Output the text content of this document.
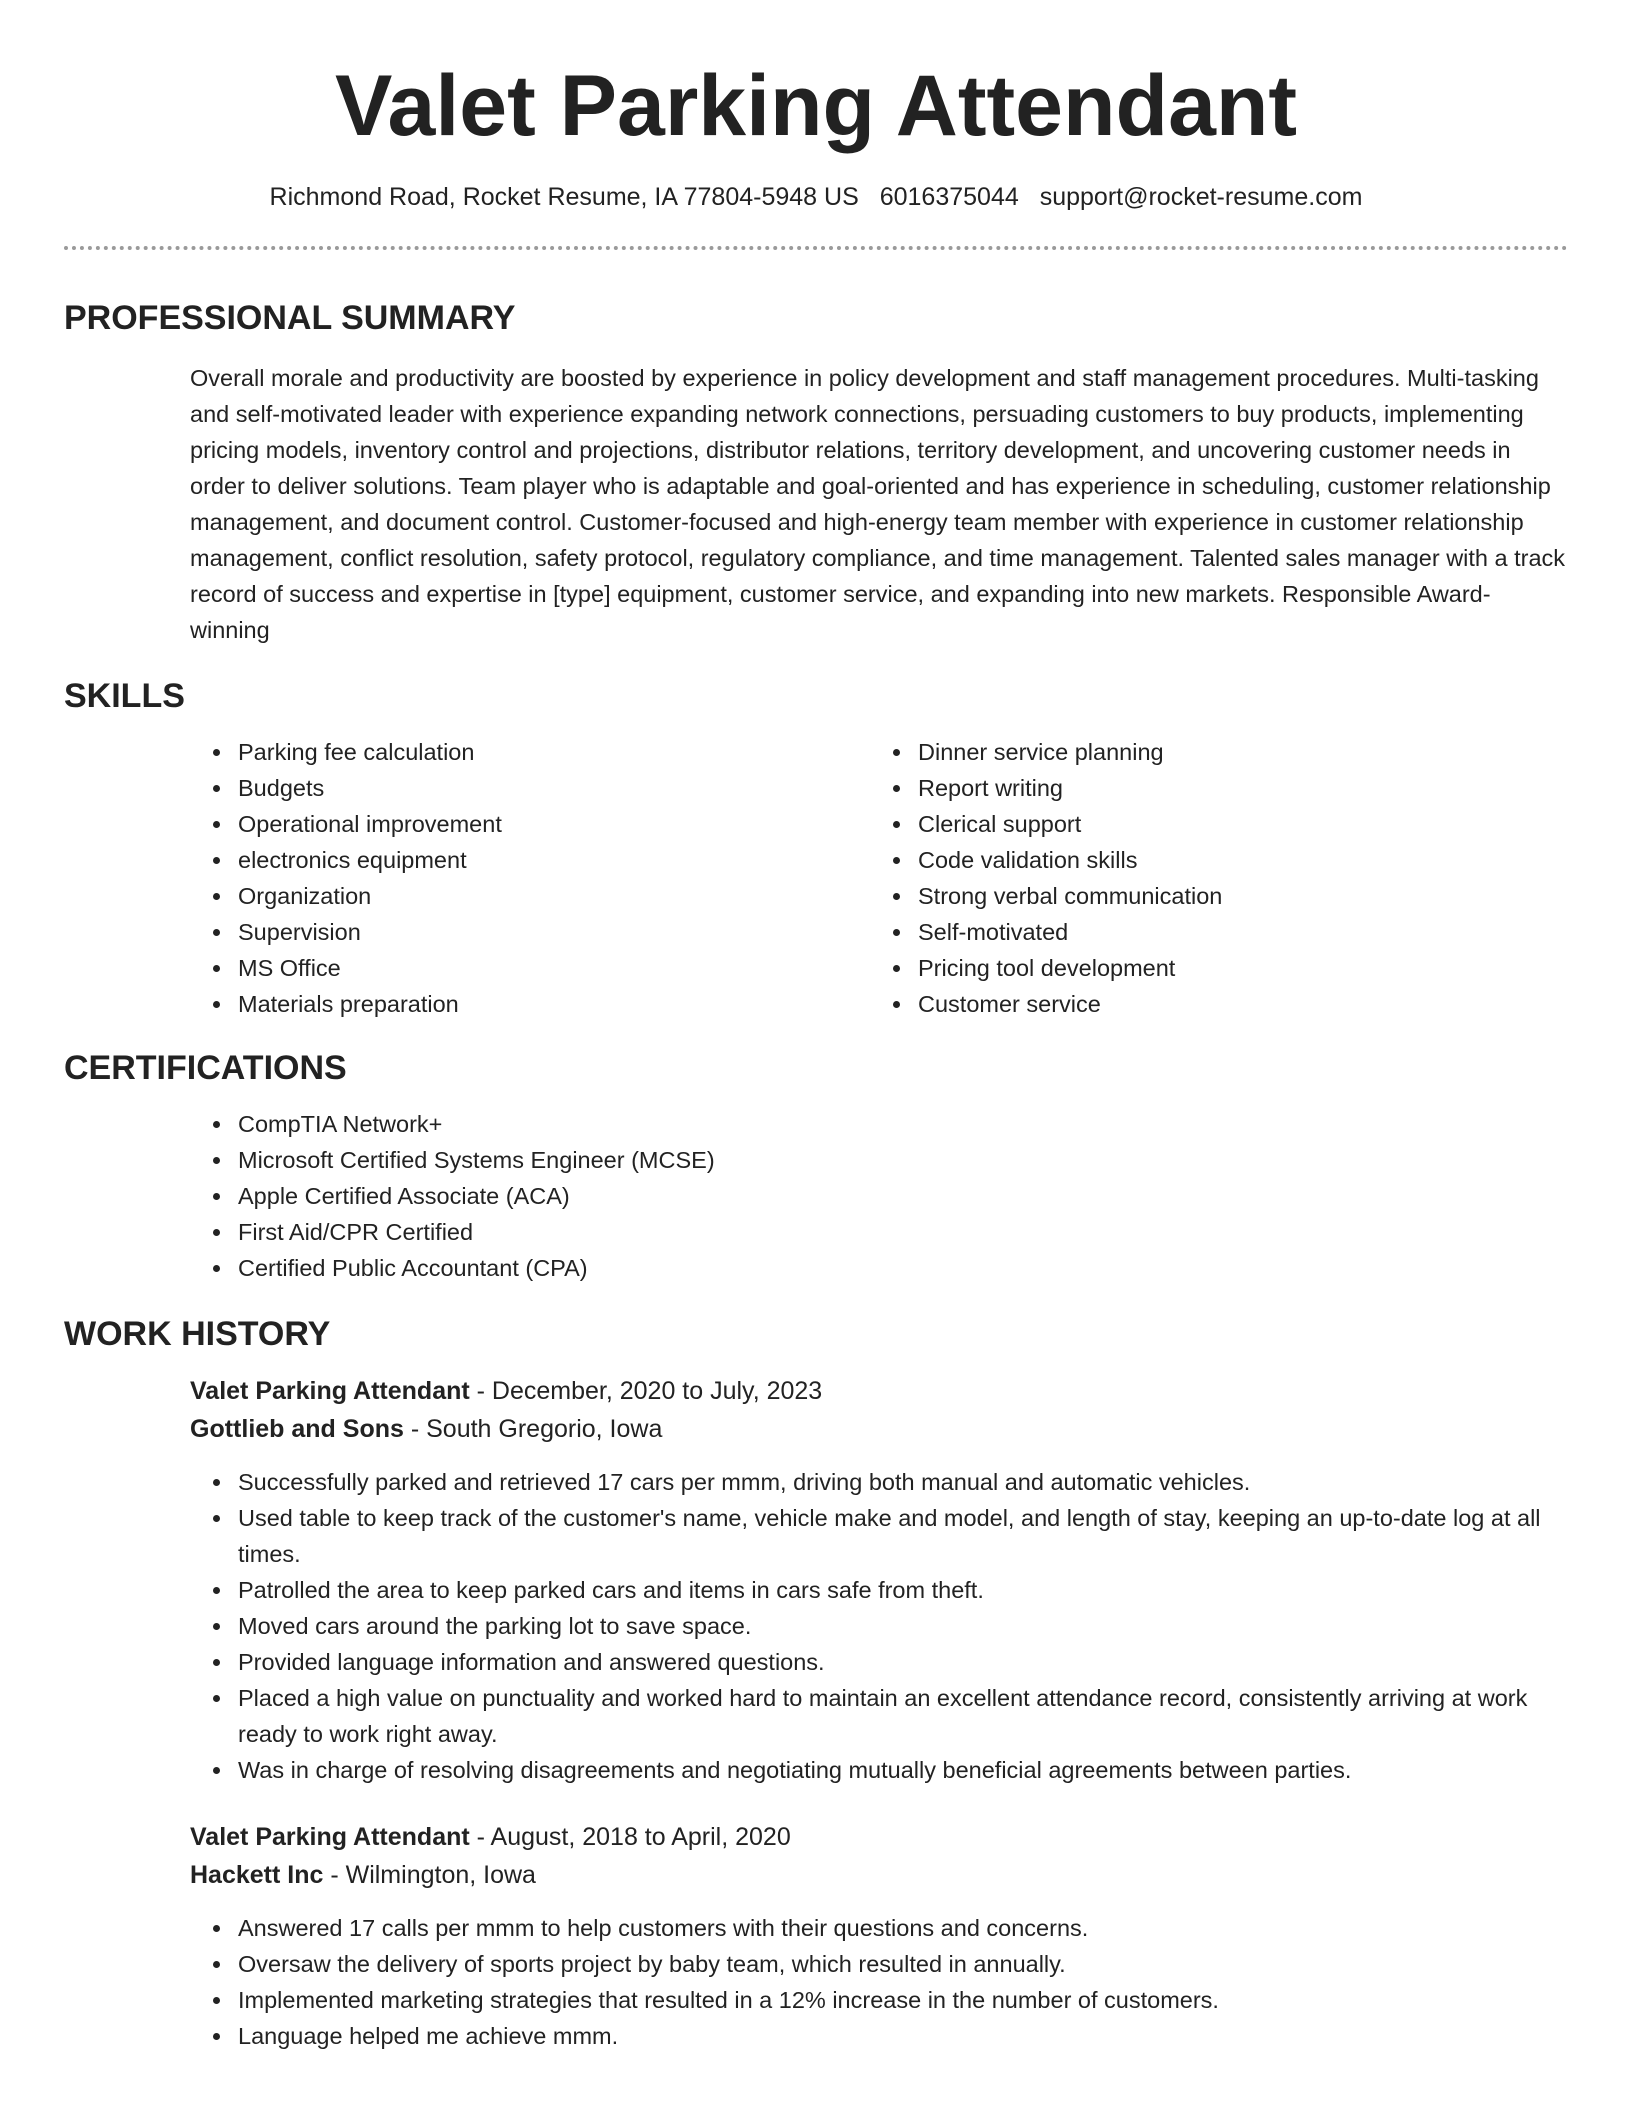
Valet Parking Attendant
Richmond Road, Rocket Resume, IA 77804-5948 US 6016375044 support@rocket-resume.com
PROFESSIONAL SUMMARY

Overall morale and productivity are boosted by experience in policy development and staff management procedures. Multi-tasking and self-motivated leader with experience expanding network connections, persuading customers to buy products, implementing pricing models, inventory control and projections, distributor relations, territory development, and uncovering customer needs in order to deliver solutions. Team player who is adaptable and goal-oriented and has experience in scheduling, customer relationship management, and document control. Customer-focused and high-energy team member with experience in customer relationship management, conflict resolution, safety protocol, regulatory compliance, and time management. Talented sales manager with a track record of success and expertise in [type] equipment, customer service, and expanding into new markets. Responsible Award-winning

SKILLS
• Parking fee calculation
• Budgets
• Operational improvement
• electronics equipment
• Organization
• Supervision
• MS Office
• Materials preparation
• Dinner service planning
• Report writing
• Clerical support
• Code validation skills
• Strong verbal communication
• Self-motivated
• Pricing tool development
• Customer service
CERTIFICATIONS
• CompTIA Network+
• Microsoft Certified Systems Engineer (MCSE)
• Apple Certified Associate (ACA)
• First Aid/CPR Certified
• Certified Public Accountant (CPA)
WORK HISTORY
Valet Parking Attendant - December, 2020 to July, 2023
Gottlieb and Sons - South Gregorio, Iowa
• Successfully parked and retrieved 17 cars per mmm, driving both manual and automatic vehicles.
• Used table to keep track of the customer's name, vehicle make and model, and length of stay, keeping an up-to-date log at all times.
• Patrolled the area to keep parked cars and items in cars safe from theft.
• Moved cars around the parking lot to save space.
• Provided language information and answered questions.
• Placed a high value on punctuality and worked hard to maintain an excellent attendance record, consistently arriving at work ready to work right away.
• Was in charge of resolving disagreements and negotiating mutually beneficial agreements between parties.
Valet Parking Attendant - August, 2018 to April, 2020
Hackett Inc - Wilmington, Iowa
• Answered 17 calls per mmm to help customers with their questions and concerns.
• Oversaw the delivery of sports project by baby team, which resulted in annually.
• Implemented marketing strategies that resulted in a 12% increase in the number of customers.
• Language helped me achieve mmm.
